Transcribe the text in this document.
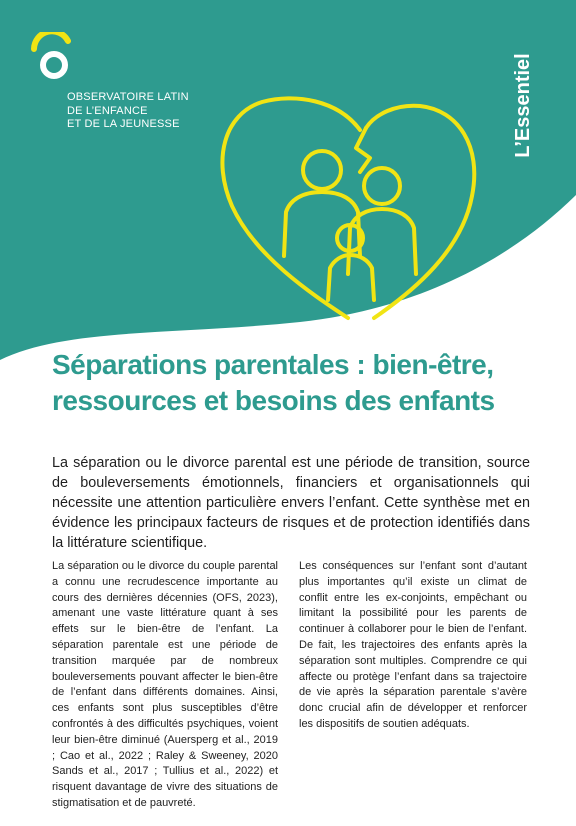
OBSERVATOIRE LATIN
DE L’ENFANCE
ET DE LA JEUNESSE	L’Essentiel
Séparations parentales : bien-être,
ressources et besoins des enfants

La séparation ou le divorce parental est une période de transition, source de bouleversements émotionnels, financiers et organisationnels qui nécessite une attention particulière envers l’enfant. Cette synthèse met en évidence les principaux facteurs de risques et de protection identifiés dans la littérature scientifique.

La séparation ou le divorce du couple parental a connu une recrudescence importante au cours des dernières décennies (OFS, 2023), amenant une vaste littérature quant à ses effets sur le bien-être de l’enfant. La séparation parentale est une période de transition marquée par de nombreux bouleversements pouvant affecter le bien-être de l’enfant dans différents domaines. Ainsi, ces enfants sont plus susceptibles d’être confrontés à des difficultés psychiques, voient leur bien-être diminué (Auersperg et al., 2019 ; Cao et al., 2022 ; Raley & Sweeney, 2020 Sands et al., 2017 ; Tullius et al., 2022) et risquent davantage de vivre des situations de stigmatisation et de pauvreté.

Les conséquences sur l’enfant sont d’autant plus importantes qu’il existe un climat de conflit entre les ex-conjoints, empêchant ou limitant la possibilité pour les parents de continuer à collaborer pour le bien de l’enfant. De fait, les trajectoires des enfants après la séparation sont multiples. Comprendre ce qui affecte ou protège l’enfant dans sa trajectoire de vie après la séparation parentale s’avère donc crucial afin de développer et renforcer les dispositifs de soutien adéquats.
